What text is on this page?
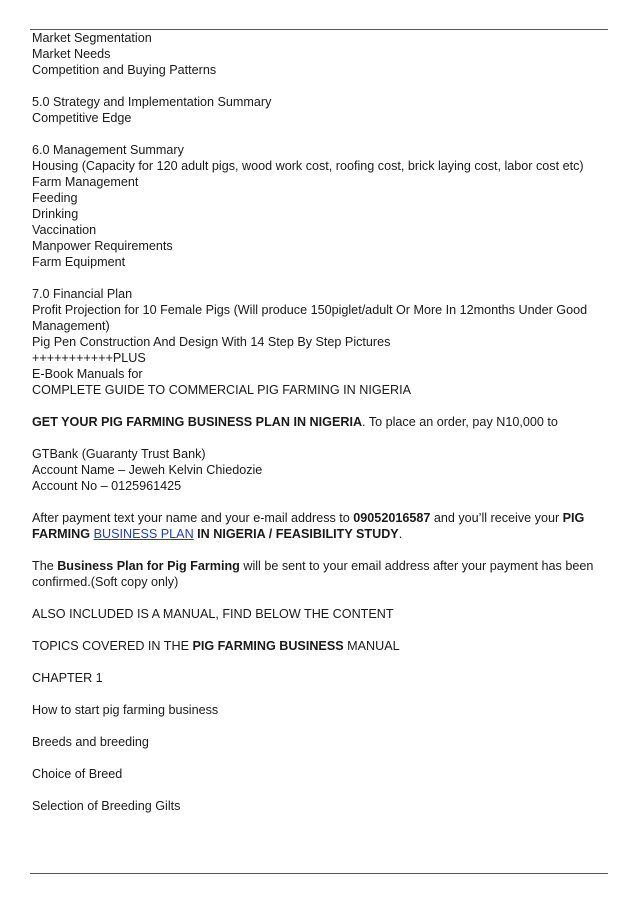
Market Segmentation
Market Needs
Competition and Buying Patterns
5.0 Strategy and Implementation Summary
Competitive Edge
6.0 Management Summary
Housing (Capacity for 120 adult pigs, wood work cost, roofing cost, brick laying cost, labor cost etc)
Farm Management
Feeding
Drinking
Vaccination
Manpower Requirements
Farm Equipment
7.0 Financial Plan
Profit Projection for 10 Female Pigs (Will produce 150piglet/adult Or More In 12months Under Good Management)
Pig Pen Construction And Design With 14 Step By Step Pictures
+++++++++++PLUS
E-Book Manuals for
COMPLETE GUIDE TO COMMERCIAL PIG FARMING IN NIGERIA
GET YOUR PIG FARMING BUSINESS PLAN IN NIGERIA. To place an order, pay N10,000 to
GTBank (Guaranty Trust Bank)
Account Name – Jeweh Kelvin Chiedozie
Account No – 0125961425
After payment text your name and your e-mail address to 09052016587 and you’ll receive your PIG FARMING BUSINESS PLAN IN NIGERIA / FEASIBILITY STUDY.
The Business Plan for Pig Farming will be sent to your email address after your payment has been confirmed.(Soft copy only)
ALSO INCLUDED IS A MANUAL, FIND BELOW THE CONTENT
TOPICS COVERED IN THE PIG FARMING BUSINESS MANUAL
CHAPTER 1
How to start pig farming business
Breeds and breeding
Choice of Breed
Selection of Breeding Gilts
